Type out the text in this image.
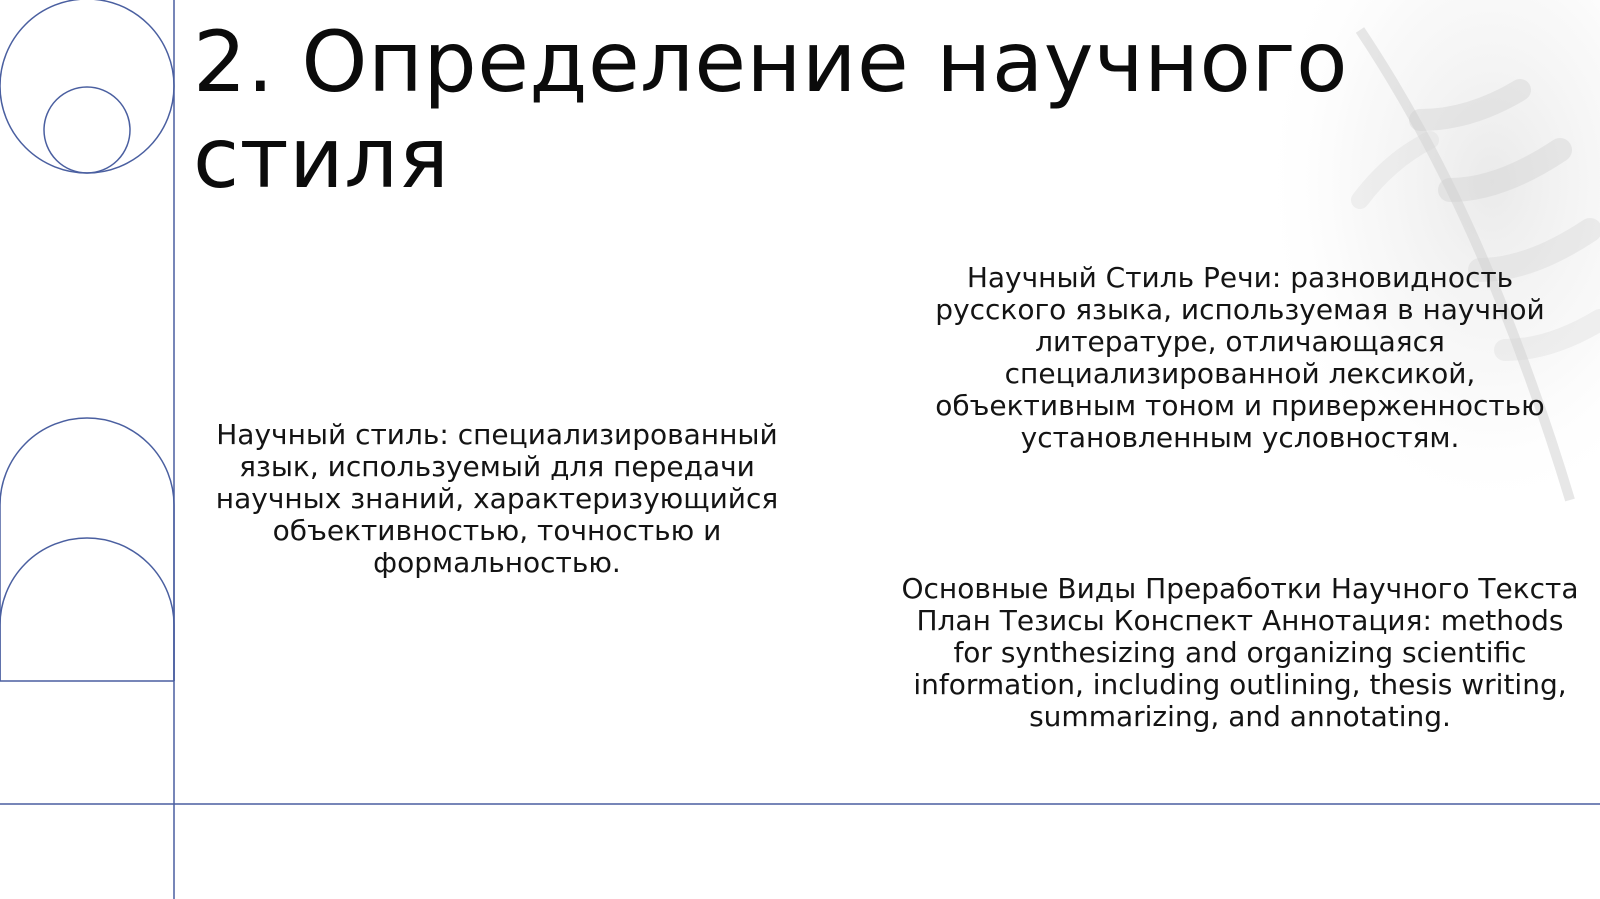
2. Определение научного стиля

Научный стиль: специализированный язык, используемый для передачи научных знаний, характеризующийся объективностью, точностью и формальностью.

Научный Стиль Речи: разновидность русского языка, используемая в научной литературе, отличающаяся специализированной лексикой, объективным тоном и приверженностью установленным условностям.

Основные Виды Преработки Научного Текста План Тезисы Конспект Аннотация: methods for synthesizing and organizing scientific information, including outlining, thesis writing, summarizing, and annotating.
